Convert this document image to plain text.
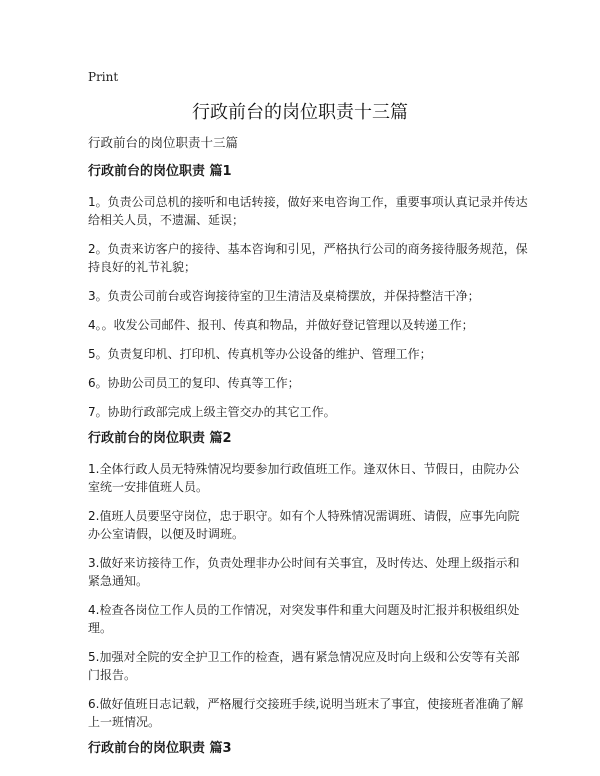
Print
行政前台的岗位职责十三篇

行政前台的岗位职责十三篇

行政前台的岗位职责 篇1

1。负责公司总机的接听和电话转接，做好来电咨询工作，重要事项认真记录并传达给相关人员，不遗漏、延误；

2。负责来访客户的接待、基本咨询和引见，严格执行公司的商务接待服务规范，保持良好的礼节礼貌；

3。负责公司前台或咨询接待室的卫生清洁及桌椅摆放，并保持整洁干净；

4。。收发公司邮件、报刊、传真和物品，并做好登记管理以及转递工作；

5。负责复印机、打印机、传真机等办公设备的维护、管理工作；

6。协助公司员工的复印、传真等工作；

7。协助行政部完成上级主管交办的其它工作。

行政前台的岗位职责 篇2

1.全体行政人员无特殊情况均要参加行政值班工作。逢双休日、节假日，由院办公室统一安排值班人员。

2.值班人员要坚守岗位，忠于职守。如有个人特殊情况需调班、请假，应事先向院办公室请假，以便及时调班。

3.做好来访接待工作，负责处理非办公时间有关事宜，及时传达、处理上级指示和紧急通知。

4.检查各岗位工作人员的工作情况，对突发事件和重大问题及时汇报并积极组织处理。

5.加强对全院的安全护卫工作的检查，遇有紧急情况应及时向上级和公安等有关部门报告。

6.做好值班日志记载，严格履行交接班手续,说明当班末了事宜，使接班者准确了解上一班情况。

行政前台的岗位职责 篇3
